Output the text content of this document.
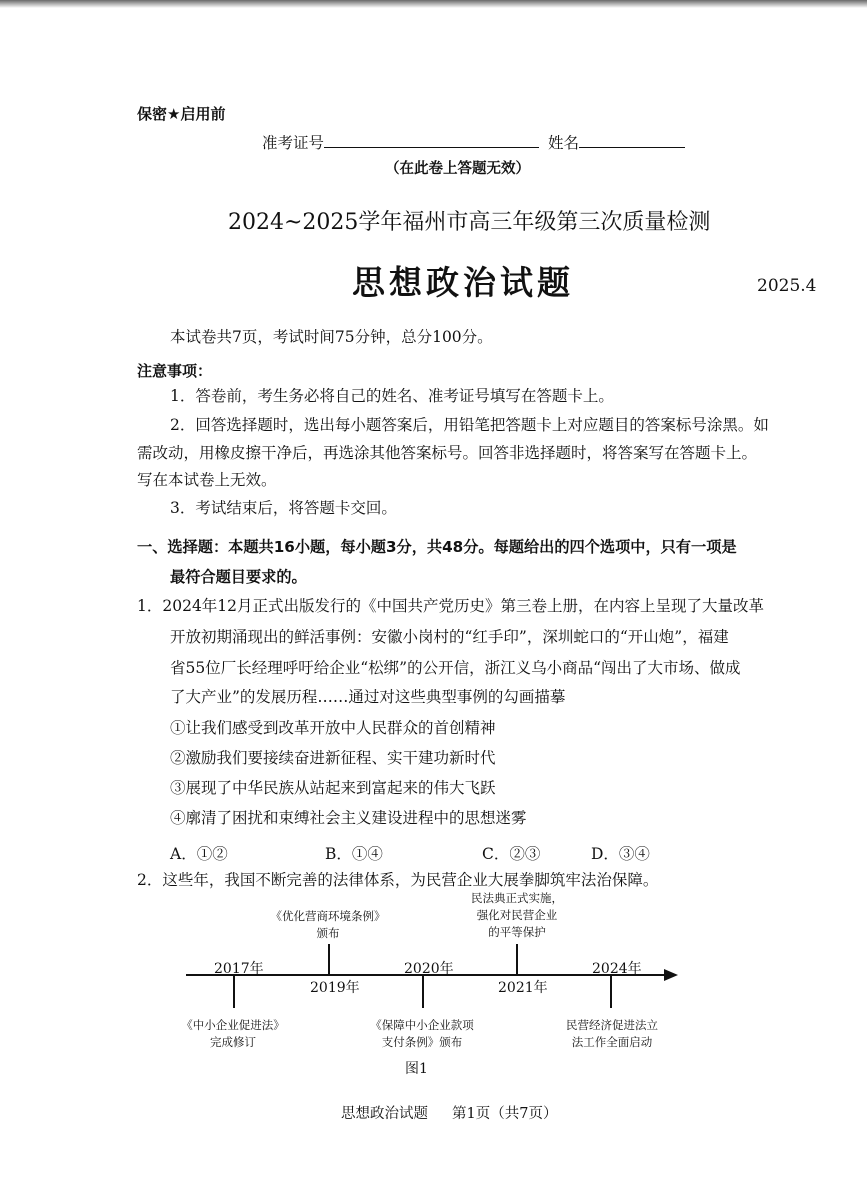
保密★启用前
准考证号	姓名
（在此卷上答题无效）
2024~2025学年福州市高三年级第三次质量检测
思想政治试题	2025.4
本试卷共7页，考试时间75分钟，总分100分。
注意事项：
1．答卷前，考生务必将自己的姓名、准考证号填写在答题卡上。
2．回答选择题时，选出每小题答案后，用铅笔把答题卡上对应题目的答案标号涂黑。如
需改动，用橡皮擦干净后，再选涂其他答案标号。回答非选择题时，将答案写在答题卡上。
写在本试卷上无效。
3．考试结束后，将答题卡交回。
一、选择题：本题共16小题，每小题3分，共48分。每题给出的四个选项中，只有一项是
最符合题目要求的。
1．2024年12月正式出版发行的《中国共产党历史》第三卷上册，在内容上呈现了大量改革
开放初期涌现出的鲜活事例：安徽小岗村的“红手印”，深圳蛇口的“开山炮”，福建
省55位厂长经理呼吁给企业“松绑”的公开信，浙江义乌小商品“闯出了大市场、做成
了大产业”的发展历程……通过对这些典型事例的勾画描摹
①让我们感受到改革开放中人民群众的首创精神
②激励我们要接续奋进新征程、实干建功新时代
③展现了中华民族从站起来到富起来的伟大飞跃
④廓清了困扰和束缚社会主义建设进程中的思想迷雾
A．①②	B．①④	C．②③	D．③④
2．这些年，我国不断完善的法律体系，为民营企业大展拳脚筑牢法治保障。
2017年
《中小企业促进法》
完成修订
2019年
《优化营商环境条例》
颁布
2020年
《保障中小企业款项
支付条例》颁布
2021年
民法典正式实施，
强化对民营企业
的平等保护
2024年
民营经济促进法立
法工作全面启动
图1
思想政治试题 第1页（共7页）
